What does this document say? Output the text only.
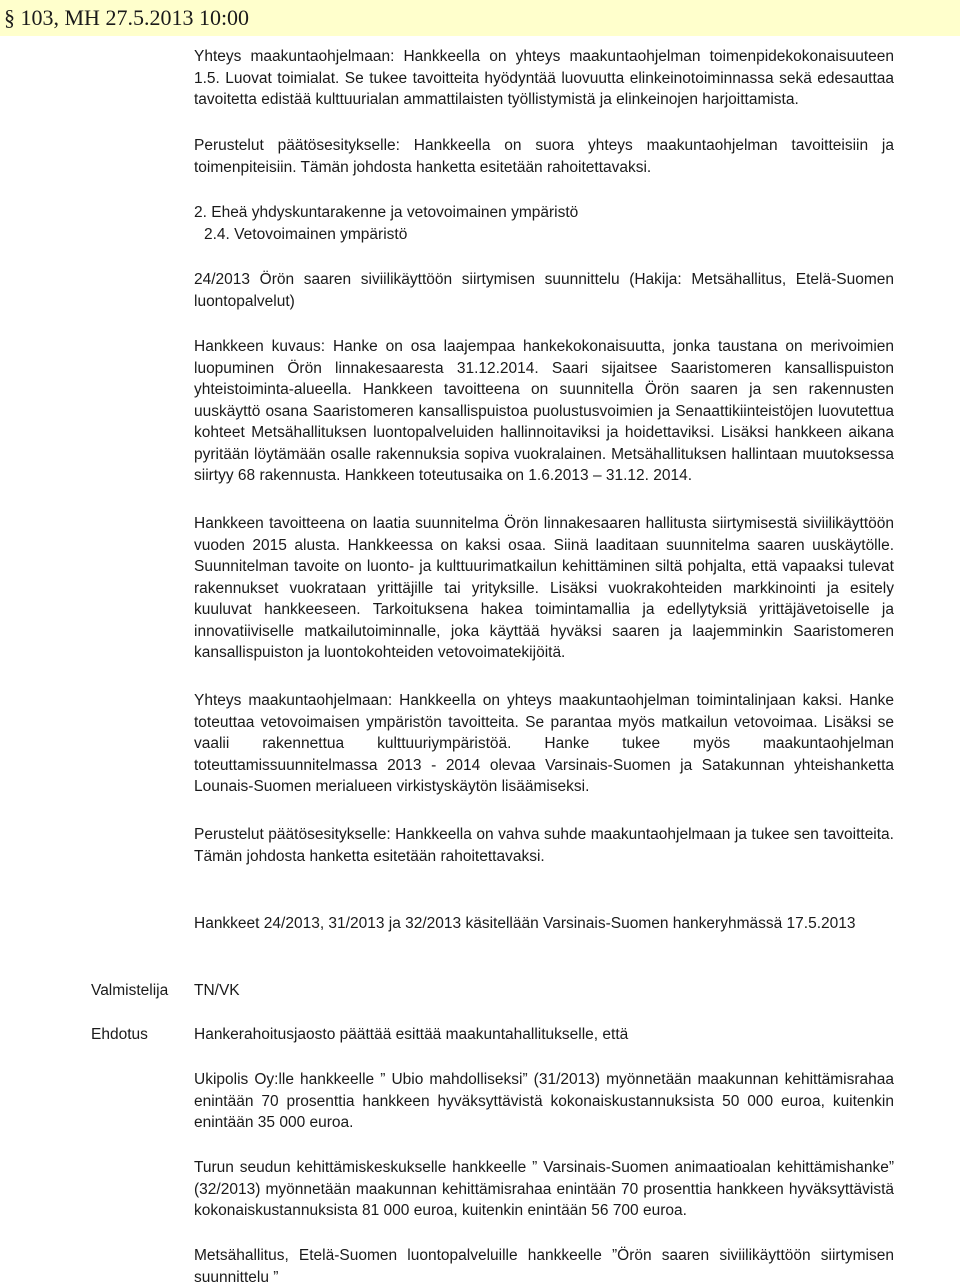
§ 103, MH 27.5.2013 10:00
Yhteys maakuntaohjelmaan: Hankkeella on yhteys maakuntaohjelman toimenpidekokonaisuuteen 1.5. Luovat toimialat. Se tukee tavoitteita hyödyntää luovuutta elinkeinotoiminnassa sekä edesauttaa tavoitetta edistää kulttuurialan ammattilaisten työllistymistä ja elinkeinojen harjoittamista.
Perustelut päätösesitykselle: Hankkeella on suora yhteys maakuntaohjelman tavoitteisiin ja toimenpiteisiin. Tämän johdosta hanketta esitetään rahoitettavaksi.
2. Eheä yhdyskuntarakenne ja vetovoimainen ympäristö
2.4. Vetovoimainen ympäristö
24/2013 Örön saaren siviilikäyttöön siirtymisen suunnittelu (Hakija: Metsähallitus, Etelä-Suomen luontopalvelut)
Hankkeen kuvaus: Hanke on osa laajempaa hankekokonaisuutta, jonka taustana on merivoimien luopuminen Örön linnakesaaresta 31.12.2014. Saari sijaitsee Saaristomeren kansallispuiston yhteistoiminta-alueella. Hankkeen tavoitteena on suunnitella Örön saaren ja sen rakennusten uuskäyttö osana Saaristomeren kansallispuistoa puolustusvoimien ja Senaattikiinteistöjen luovutettua kohteet Metsähallituksen luontopalveluiden hallinnoitaviksi ja hoidettaviksi. Lisäksi hankkeen aikana pyritään löytämään osalle rakennuksia sopiva vuokralainen. Metsähallituksen hallintaan muutoksessa siirtyy 68 rakennusta. Hankkeen toteutusaika on 1.6.2013 – 31.12. 2014.
Hankkeen tavoitteena on laatia suunnitelma Örön linnakesaaren hallitusta siirtymisestä siviilikäyttöön vuoden 2015 alusta. Hankkeessa on kaksi osaa. Siinä laaditaan suunnitelma saaren uuskäytölle. Suunnitelman tavoite on luonto- ja kulttuurimatkailun kehittäminen siltä pohjalta, että vapaaksi tulevat rakennukset vuokrataan yrittäjille tai yrityksille. Lisäksi vuokrakohteiden markkinointi ja esitely kuuluvat hankkeeseen. Tarkoituksena hakea toimintamallia ja edellytyksiä yrittäjävetoiselle ja innovatiiviselle matkailutoiminnalle, joka käyttää hyväksi saaren ja laajemminkin Saaristomeren kansallispuiston ja luontokohteiden vetovoimatekijöitä.
Yhteys maakuntaohjelmaan: Hankkeella on yhteys maakuntaohjelman toimintalinjaan kaksi. Hanke toteuttaa vetovoimaisen ympäristön tavoitteita. Se parantaa myös matkailun vetovoimaa. Lisäksi se vaalii rakennettua kulttuuriympäristöä. Hanke tukee myös maakuntaohjelman toteuttamissuunnitelmassa 2013 - 2014 olevaa Varsinais-Suomen ja Satakunnan yhteishanketta Lounais-Suomen merialueen virkistyskäytön lisäämiseksi.
Perustelut päätösesitykselle: Hankkeella on vahva suhde maakuntaohjelmaan ja tukee sen tavoitteita. Tämän johdosta hanketta esitetään rahoitettavaksi.
Hankkeet 24/2013, 31/2013 ja 32/2013 käsitellään Varsinais-Suomen hankeryhmässä 17.5.2013
Valmistelija TN/VK
Ehdotus	Hankerahoitusjaosto päättää esittää maakuntahallitukselle, että
Ukipolis Oy:lle hankkeelle ” Ubio mahdolliseksi” (31/2013) myönnetään maakunnan kehittämisrahaa enintään 70 prosenttia hankkeen hyväksyttävistä kokonaiskustannuksista 50 000 euroa, kuitenkin enintään 35 000 euroa.
Turun seudun kehittämiskeskukselle hankkeelle ” Varsinais-Suomen animaatioalan kehittämishanke” (32/2013) myönnetään maakunnan kehittämisrahaa enintään 70 prosenttia hankkeen hyväksyttävistä kokonaiskustannuksista 81 000 euroa, kuitenkin enintään 56 700 euroa.
Metsähallitus, Etelä-Suomen luontopalveluille hankkeelle ”Örön saaren siviilikäyttöön siirtymisen suunnittelu ”
